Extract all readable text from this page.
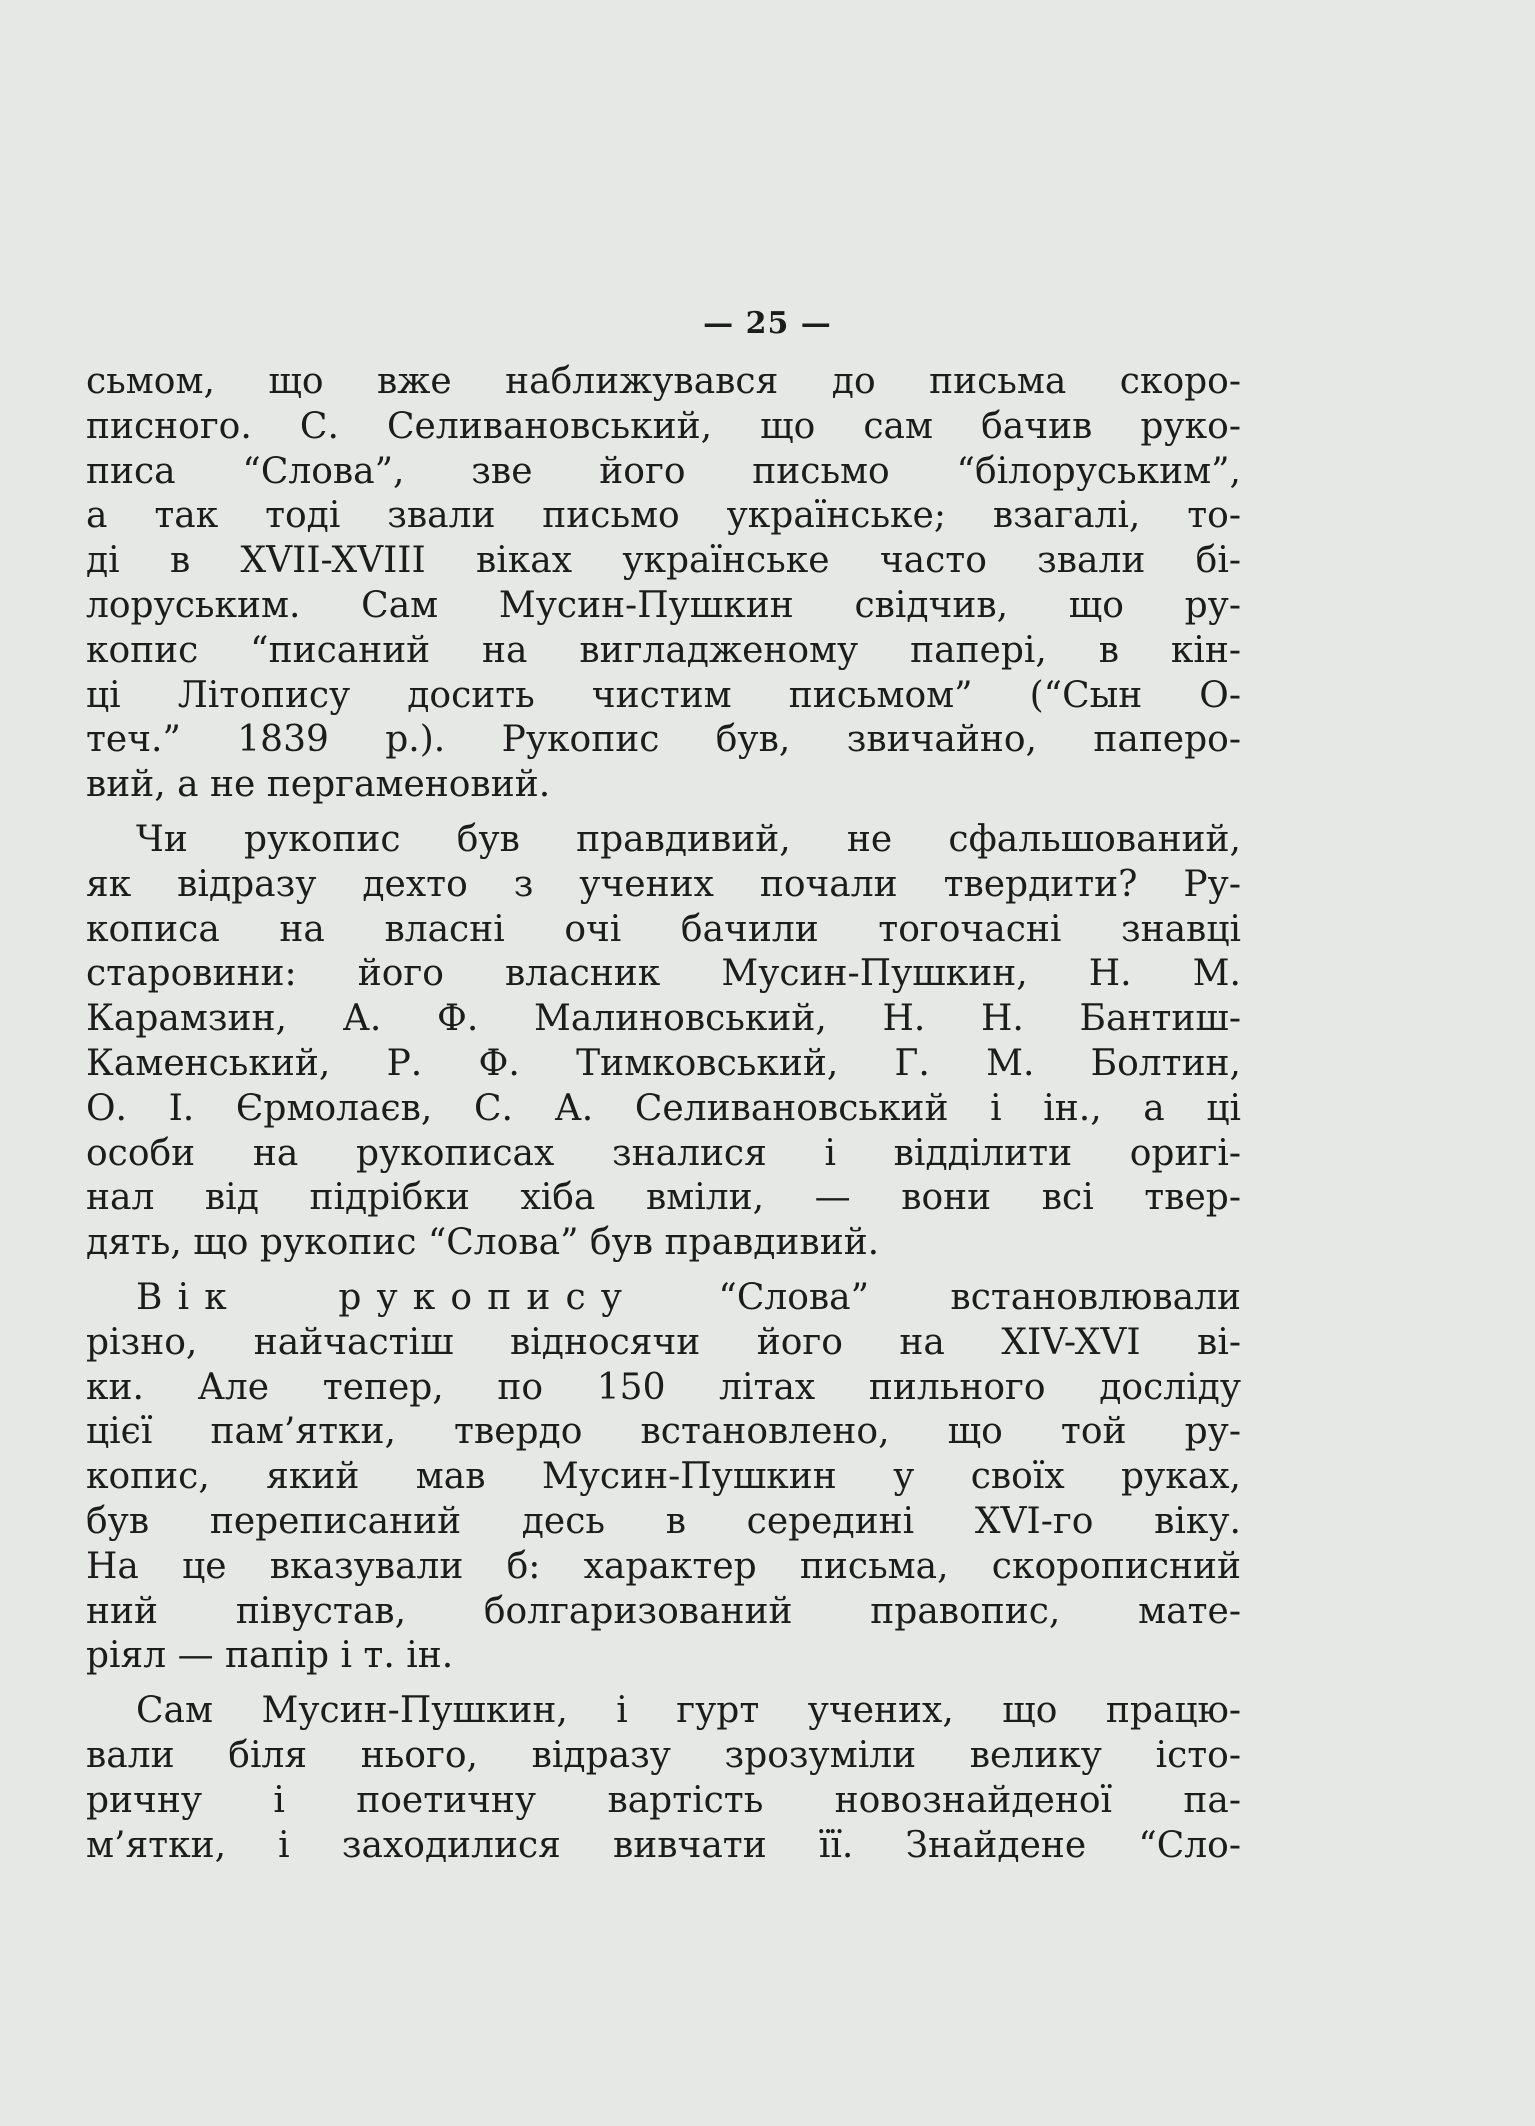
— 25 —
сьмом, що вже наближувався до письма скоро-
писного. С. Селивановський, що сам бачив руко-
писа “Слова”, зве його письмо “білоруським”,
а так тоді звали письмо українське; взагалі, то-
ді в XVII-XVIII віках українське часто звали бі-
лоруським. Сам Мусин-Пушкин свідчив, що ру-
копис “писаний на вигладженому папері, в кін-
ці Літопису досить чистим письмом” (“Сын О-
теч.” 1839 р.). Рукопис був, звичайно, паперо-
вий, а не пергаменовий.
Чи рукопис був правдивий, не сфальшований,
як відразу дехто з учених почали твердити? Ру-
кописа на власні очі бачили тогочасні знавці
старовини: його власник Мусин-Пушкин, Н. М.
Карамзин, А. Ф. Малиновський, Н. Н. Бантиш-
Каменський, Р. Ф. Тимковський, Г. М. Болтин,
О. І. Єрмолаєв, С. А. Селивановський і ін., а ці
особи на рукописах зналися і відділити оригі-
нал від підрібки хіба вміли, — вони всі твер-
дять, що рукопис “Слова” був правдивий.
Вік рукопису “Слова” встановлювали
різно, найчастіш відносячи його на XIV-XVI ві-
ки. Але тепер, по 150 літах пильного досліду
цієї пам’ятки, твердо встановлено, що той ру-
копис, який мав Мусин-Пушкин у своїх руках,
був переписаний десь в середині XVI-го віку.
На це вказували б: характер письма, скорописний
ний півустав, болгаризований правопис, мате-
ріял — папір і т. ін.
Сам Мусин-Пушкин, і гурт учених, що працю-
вали біля нього, відразу зрозуміли велику істо-
ричну і поетичну вартість новознайденої па-
м’ятки, і заходилися вивчати її. Знайдене “Сло-
